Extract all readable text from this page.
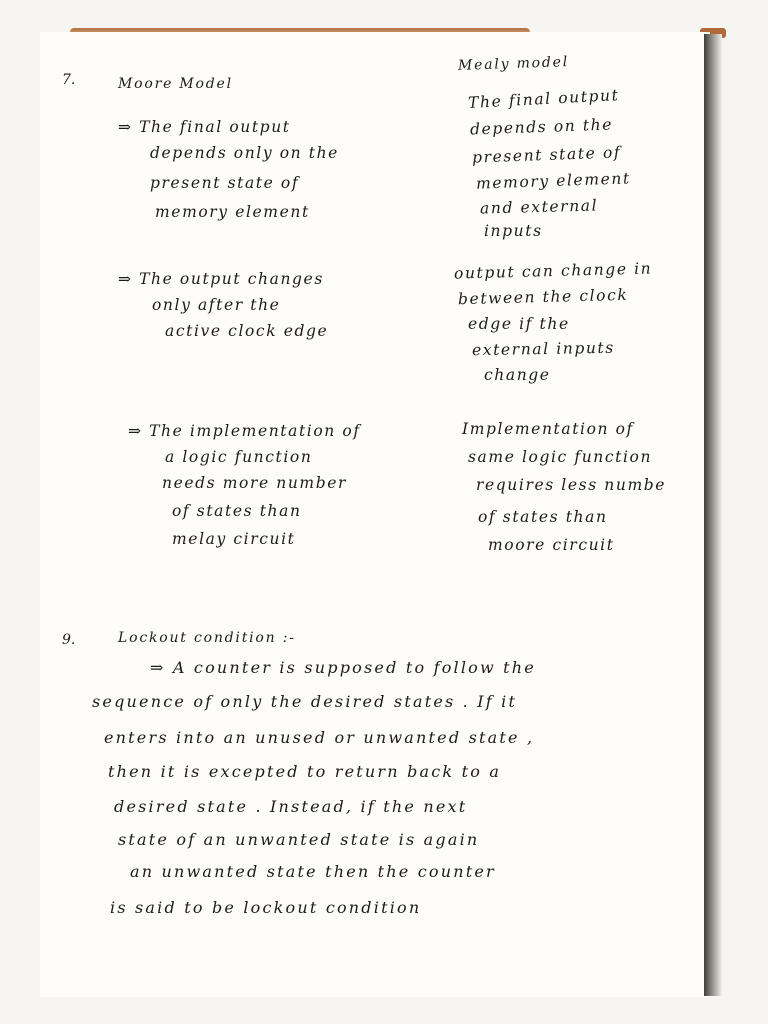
7.	Moore Model
Mealy model
⇒ The final output
depends only on the
present state of
memory element
The final output
depends on the
present state of
memory element
and external
inputs
⇒ The output changes
only after the
active clock edge
output can change in
between the clock
edge if the
external inputs
change
⇒ The implementation of
a logic function
needs more number
of states than
melay circuit
Implementation of
same logic function
requires less numbe
of states than
moore circuit
9.	Lockout condition :-
⇒ A counter is supposed to follow the
sequence of only the desired states . If it
enters into an unused or unwanted state ,
then it is excepted to return back to a
desired state . Instead, if the next
state of an unwanted state is again
an unwanted state then the counter
is said to be lockout condition
